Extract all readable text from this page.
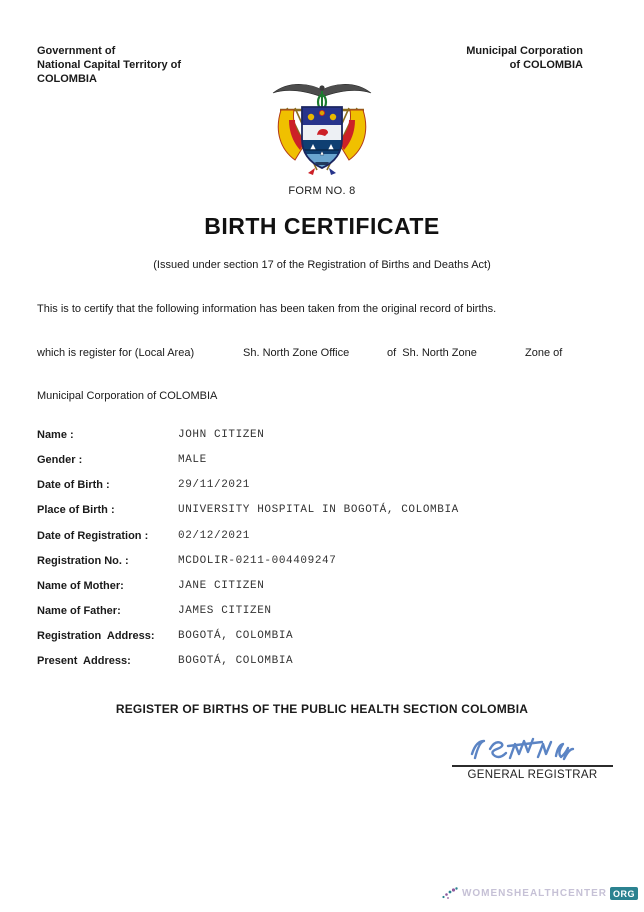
Government of
National Capital Territory of
COLOMBIA
Municipal Corporation
of COLOMBIA
FORM NO. 8
BIRTH CERTIFICATE
(Issued under section 17 of the Registration of Births and Deaths Act)
This is to certify that the following information has been taken from the original record of births.
which is register for (Local Area)	Sh. North Zone Office	of  Sh. North Zone	Zone of
Municipal Corporation of COLOMBIA
Name :	JOHN CITIZEN
Gender :	MALE
Date of Birth :	29/11/2021
Place of Birth :	UNIVERSITY HOSPITAL IN BOGOTÁ, COLOMBIA
Date of Registration :	02/12/2021
Registration No. :	MCDOLIR-0211-004409247
Name of Mother:	JANE CITIZEN
Name of Father:	JAMES CITIZEN
Registration  Address: BOGOTÁ, COLOMBIA
Present  Address:	BOGOTÁ, COLOMBIA
REGISTER OF BIRTHS OF THE PUBLIC HEALTH SECTION COLOMBIA
GENERAL REGISTRAR
WOMENSHEALTHCENTER ORG
